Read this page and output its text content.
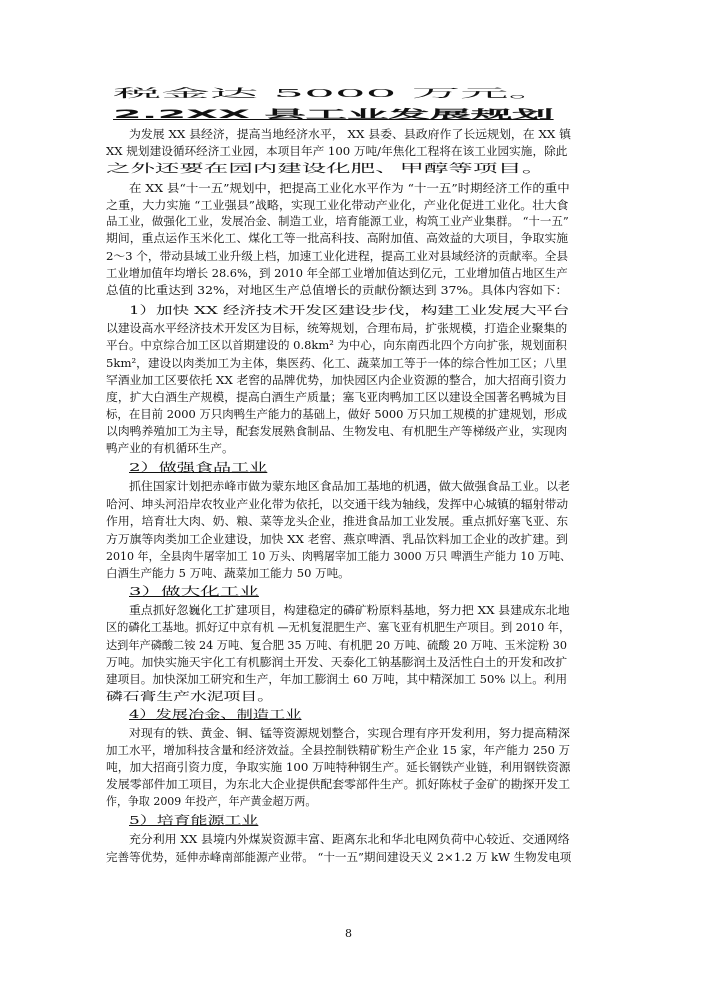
税金达 5000 万元。
2.2XX 县工业发展规划
为发展 XX 县经济，提高当地经济水平， XX 县委、县政府作了长远规划，在 XX 镇
XX 规划建设循环经济工业园，本项目年产 100 万吨/年焦化工程将在该工业园实施，除此
之外还要在园内建设化肥、甲醇等项目。
在 XX 县“十一五”规划中，把提高工业化水平作为 “十一五”时期经济工作的重中
之重，大力实施 “工业强县”战略，实现工业化带动产业化，产业化促进工业化。壮大食
品工业，做强化工业，发展冶金、制造工业，培育能源工业，构筑工业产业集群。 “十一五”
期间，重点运作玉米化工、煤化工等一批高科技、高附加值、高效益的大项目，争取实施
2～3 个，带动县域工业升级上档，加速工业化进程，提高工业对县域经济的贡献率。全县
工业增加值年均增长 28.6%，到 2010 年全部工业增加值达到亿元，工业增加值占地区生产
总值的比重达到 32%，对地区生产总值增长的贡献份额达到 37%。具体内容如下：
1）加快 XX 经济技术开发区建设步伐，构建工业发展大平台
以建设高水平经济技术开发区为目标，统筹规划，合理布局，扩张规模，打造企业聚集的
平台。中京综合加工区以首期建设的 0.8km² 为中心，向东南西北四个方向扩张，规划面积
5km²，建设以肉类加工为主体，集医药、化工、蔬菜加工等于一体的综合性加工区；八里
罕酒业加工区要依托 XX 老窖的品牌优势，加快园区内企业资源的整合，加大招商引资力
度，扩大白酒生产规模，提高白酒生产质量；塞飞亚肉鸭加工区以建设全国著名鸭城为目
标，在目前 2000 万只肉鸭生产能力的基础上，做好 5000 万只加工规模的扩建规划，形成
以肉鸭养殖加工为主导，配套发展熟食制品、生物发电、有机肥生产等梯级产业，实现肉
鸭产业的有机循环生产。
2）做强食品工业
抓住国家计划把赤峰市做为蒙东地区食品加工基地的机遇，做大做强食品工业。以老
哈河、坤头河沿岸农牧业产业化带为依托，以交通干线为轴线，发挥中心城镇的辐射带动
作用，培育壮大肉、奶、粮、菜等龙头企业，推进食品加工业发展。重点抓好塞飞亚、东
方万旗等肉类加工企业建设，加快 XX 老窖、燕京啤酒、乳品饮料加工企业的改扩建。到
2010 年，全县肉牛屠宰加工 10 万头、肉鸭屠宰加工能力 3000 万只 啤酒生产能力 10 万吨、
白酒生产能力 5 万吨、蔬菜加工能力 50 万吨。
3）做大化工业
重点抓好忽巍化工扩建项目，构建稳定的磷矿粉原料基地，努力把 XX 县建成东北地
区的磷化工基地。抓好辽中京有机 —无机复混肥生产、塞飞亚有机肥生产项目。到 2010 年，
达到年产磷酸二铵 24 万吨、复合肥 35 万吨、有机肥 20 万吨、硫酸 20 万吨、玉米淀粉 30
万吨。加快实施天宇化工有机膨润土开发、天泰化工钠基膨润土及活性白土的开发和改扩
建项目。加快深加工研究和生产，年加工膨润土 60 万吨，其中精深加工 50% 以上。利用
磷石膏生产水泥项目。
4）发展冶金、制造工业
对现有的铁、黄金、铜、锰等资源规划整合，实现合理有序开发利用，努力提高精深
加工水平，增加科技含量和经济效益。全县控制铁精矿粉生产企业 15 家，年产能力 250 万
吨，加大招商引资力度，争取实施 100 万吨特种钢生产。延长钢铁产业链，利用钢铁资源
发展零部件加工项目，为东北大企业提供配套零部件生产。抓好陈杖子金矿的勘探开发工
作，争取 2009 年投产，年产黄金超万两。
5）培育能源工业
充分利用 XX 县境内外煤炭资源丰富、距离东北和华北电网负荷中心较近、交通网络
完善等优势，延伸赤峰南部能源产业带。 “十一五”期间建设天义 2×1.2 万 kW 生物发电项
8
